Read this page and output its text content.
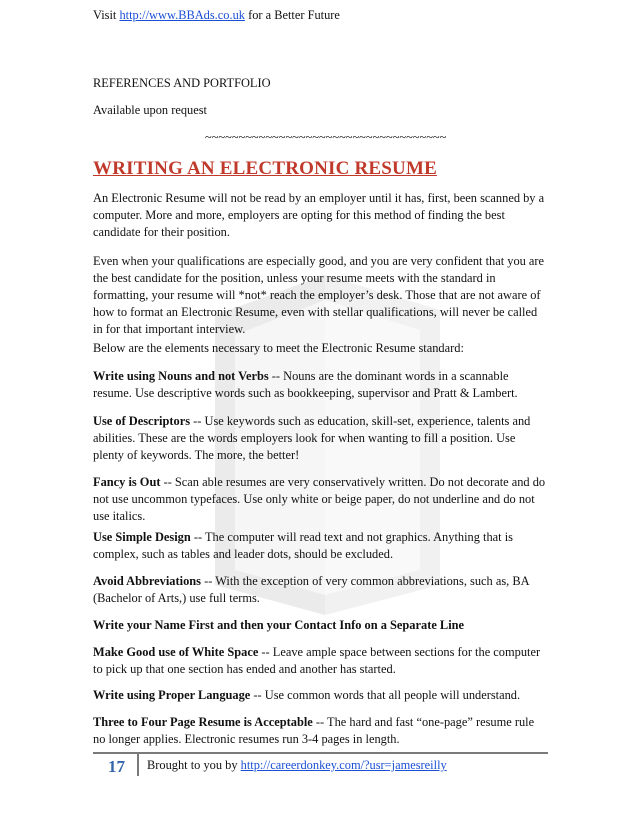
Visit http://www.BBAds.co.uk for a Better Future

REFERENCES AND PORTFOLIO

Available upon request

~~~~~~~~~~~~~~~~~~~~~~~~~~~~~~~~~~~~
WRITING AN ELECTRONIC RESUME

An Electronic Resume will not be read by an employer until it has, first, been scanned by a computer. More and more, employers are opting for this method of finding the best candidate for their position.

Even when your qualifications are especially good, and you are very confident that you are the best candidate for the position, unless your resume meets with the standard in formatting, your resume will *not* reach the employer’s desk. Those that are not aware of how to format an Electronic Resume, even with stellar qualifications, will never be called in for that important interview.

Below are the elements necessary to meet the Electronic Resume standard:

Write using Nouns and not Verbs -- Nouns are the dominant words in a scannable resume. Use descriptive words such as bookkeeping, supervisor and Pratt & Lambert.

Use of Descriptors -- Use keywords such as education, skill-set, experience, talents and abilities. These are the words employers look for when wanting to fill a position. Use plenty of keywords. The more, the better!

Fancy is Out -- Scan able resumes are very conservatively written. Do not decorate and do not use uncommon typefaces. Use only white or beige paper, do not underline and do not use italics.

Use Simple Design -- The computer will read text and not graphics. Anything that is complex, such as tables and leader dots, should be excluded.

Avoid Abbreviations -- With the exception of very common abbreviations, such as, BA (Bachelor of Arts,) use full terms.

Write your Name First and then your Contact Info on a Separate Line

Make Good use of White Space -- Leave ample space between sections for the computer to pick up that one section has ended and another has started.

Write using Proper Language -- Use common words that all people will understand.

Three to Four Page Resume is Acceptable -- The hard and fast “one-page” resume rule no longer applies. Electronic resumes run 3-4 pages in length.

17 Brought to you by http://careerdonkey.com/?usr=jamesreilly
